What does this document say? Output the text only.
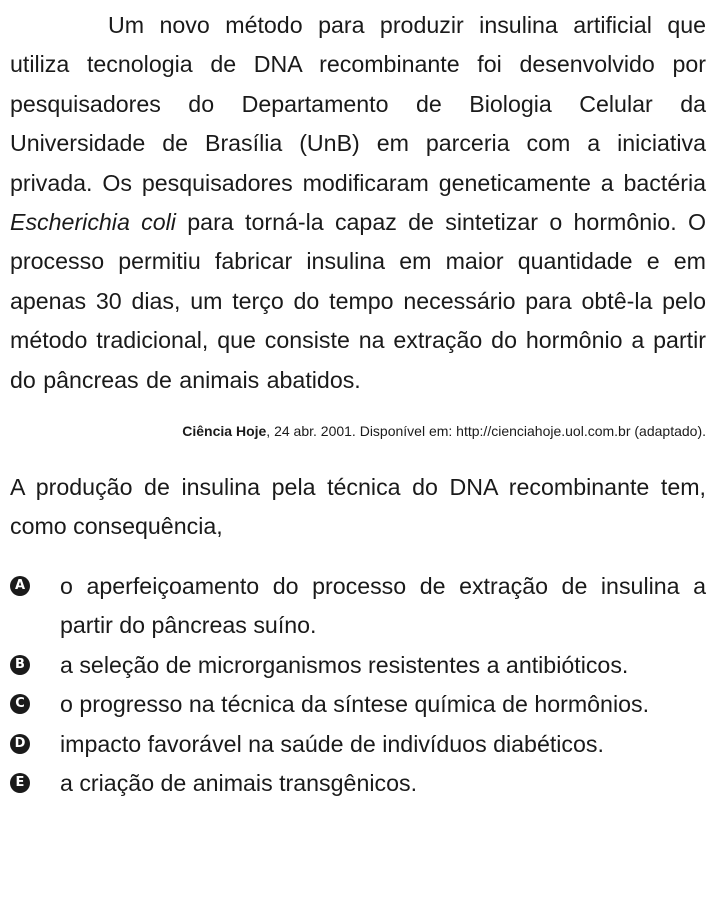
Um novo método para produzir insulina artificial que utiliza tecnologia de DNA recombinante foi desenvolvido por pesquisadores do Departamento de Biologia Celular da Universidade de Brasília (UnB) em parceria com a iniciativa privada. Os pesquisadores modificaram geneticamente a bactéria Escherichia coli para torná-la capaz de sintetizar o hormônio. O processo permitiu fabricar insulina em maior quantidade e em apenas 30 dias, um terço do tempo necessário para obtê-la pelo método tradicional, que consiste na extração do hormônio a partir do pâncreas de animais abatidos.

Ciência Hoje, 24 abr. 2001. Disponível em: http://cienciahoje.uol.com.br (adaptado).

A produção de insulina pela técnica do DNA recombinante tem, como consequência,

A o aperfeiçoamento do processo de extração de insulina a partir do pâncreas suíno.
B a seleção de microrganismos resistentes a antibióticos.
C o progresso na técnica da síntese química de hormônios.
D impacto favorável na saúde de indivíduos diabéticos.
E a criação de animais transgênicos.
